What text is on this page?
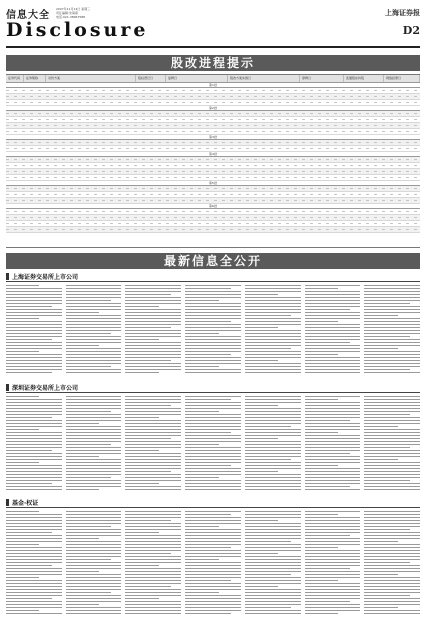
信息大全
2007年11月14日 星期三
责任编辑:朱海燕
电话:021-38967588
Disclosure
上海证券报
D2
股改进程提示
证券代码	证券简称	对价方案	股权登记日	复牌日	股改方案实施日	停牌日	流通股东持股	网络投票日
第1批
第2批
第3批
第4批
第5批
第6批
最新信息全公开
上海证券交易所上市公司
深圳证券交易所上市公司
基金·权证
